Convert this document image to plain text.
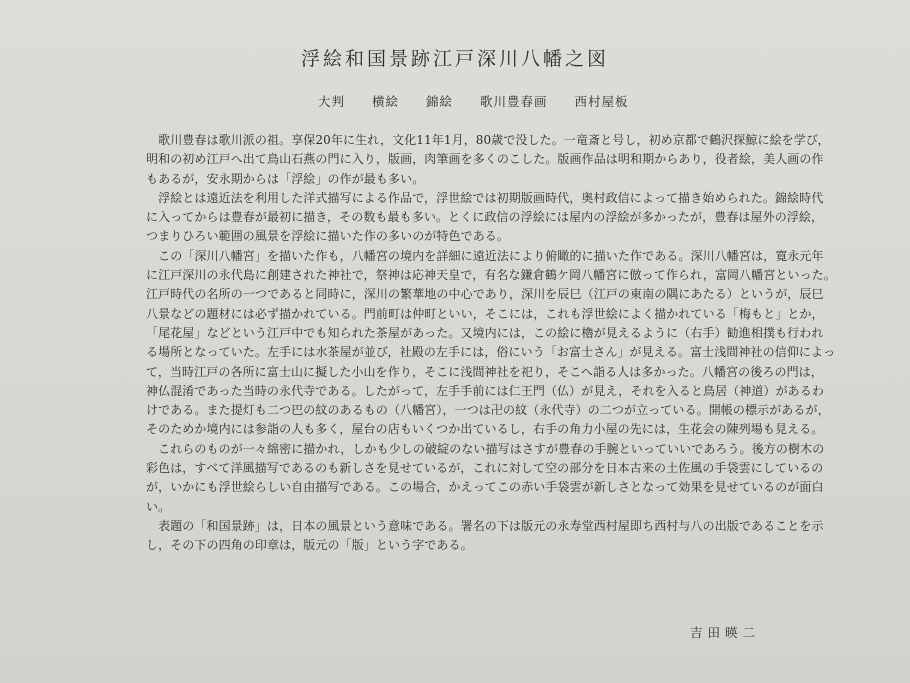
浮絵和国景跡江戸深川八幡之図
大判　　横絵　　錦絵　　歌川豊春画　　西村屋板
　歌川豊春は歌川派の祖。享保20年に生れ，文化11年1月，80歳で没した。一竜斎と号し，初め京都で鶴沢探鯨に絵を学び，
明和の初め江戸へ出て鳥山石燕の門に入り，版画，肉筆画を多くのこした。版画作品は明和期からあり，役者絵，美人画の作
もあるが，安永期からは「浮絵」の作が最も多い。
　浮絵とは遠近法を利用した洋式描写による作品で，浮世絵では初期版画時代，奥村政信によって描き始められた。錦絵時代
に入ってからは豊春が最初に描き，その数も最も多い。とくに政信の浮絵には屋内の浮絵が多かったが，豊春は屋外の浮絵，
つまりひろい範囲の風景を浮絵に描いた作の多いのが特色である。
　この「深川八幡宮」を描いた作も，八幡宮の境内を詳細に遠近法により俯瞰的に描いた作である。深川八幡宮は，寛永元年
に江戸深川の永代島に創建された神社で，祭神は応神天皇で，有名な鎌倉鶴ケ岡八幡宮に倣って作られ，富岡八幡宮といった。
江戸時代の名所の一つであると同時に，深川の繁華地の中心であり，深川を辰巳（江戸の東南の隅にあたる）というが，辰巳
八景などの題材には必ず描かれている。門前町は仲町といい，そこには，これも浮世絵によく描かれている「梅もと」とか，
「尾花屋」などという江戸中でも知られた茶屋があった。又境内には，この絵に櫓が見えるように（右手）勧進相撲も行われ
る場所となっていた。左手には水茶屋が並び，社殿の左手には，俗にいう「お富士さん」が見える。富士浅間神社の信仰によっ
て，当時江戸の各所に富士山に擬した小山を作り，そこに浅間神社を祀り，そこへ詣る人は多かった。八幡宮の後ろの門は，
神仏混淆であった当時の永代寺である。したがって，左手手前には仁王門（仏）が見え，それを入ると鳥居（神道）があるわ
けである。また提灯も二つ巴の紋のあるもの（八幡宮），一つは卍の紋（永代寺）の二つが立っている。開帳の標示があるが，
そのためか境内には参詣の人も多く，屋台の店もいくつか出ているし，右手の角力小屋の先には，生花会の陳列場も見える。
　これらのものが一々綿密に描かれ，しかも少しの破綻のない描写はさすが豊春の手腕といっていいであろう。後方の樹木の
彩色は，すべて洋風描写であるのも新しさを見せているが，これに対して空の部分を日本古来の土佐風の手袋雲にしているの
が，いかにも浮世絵らしい自由描写である。この場合，かえってこの赤い手袋雲が新しさとなって効果を見せているのが面白
い。
　表題の「和国景跡」は，日本の風景という意味である。署名の下は版元の永寿堂西村屋即ち西村与八の出版であることを示
し，その下の四角の印章は，版元の「版」という字である。
吉田暎二
